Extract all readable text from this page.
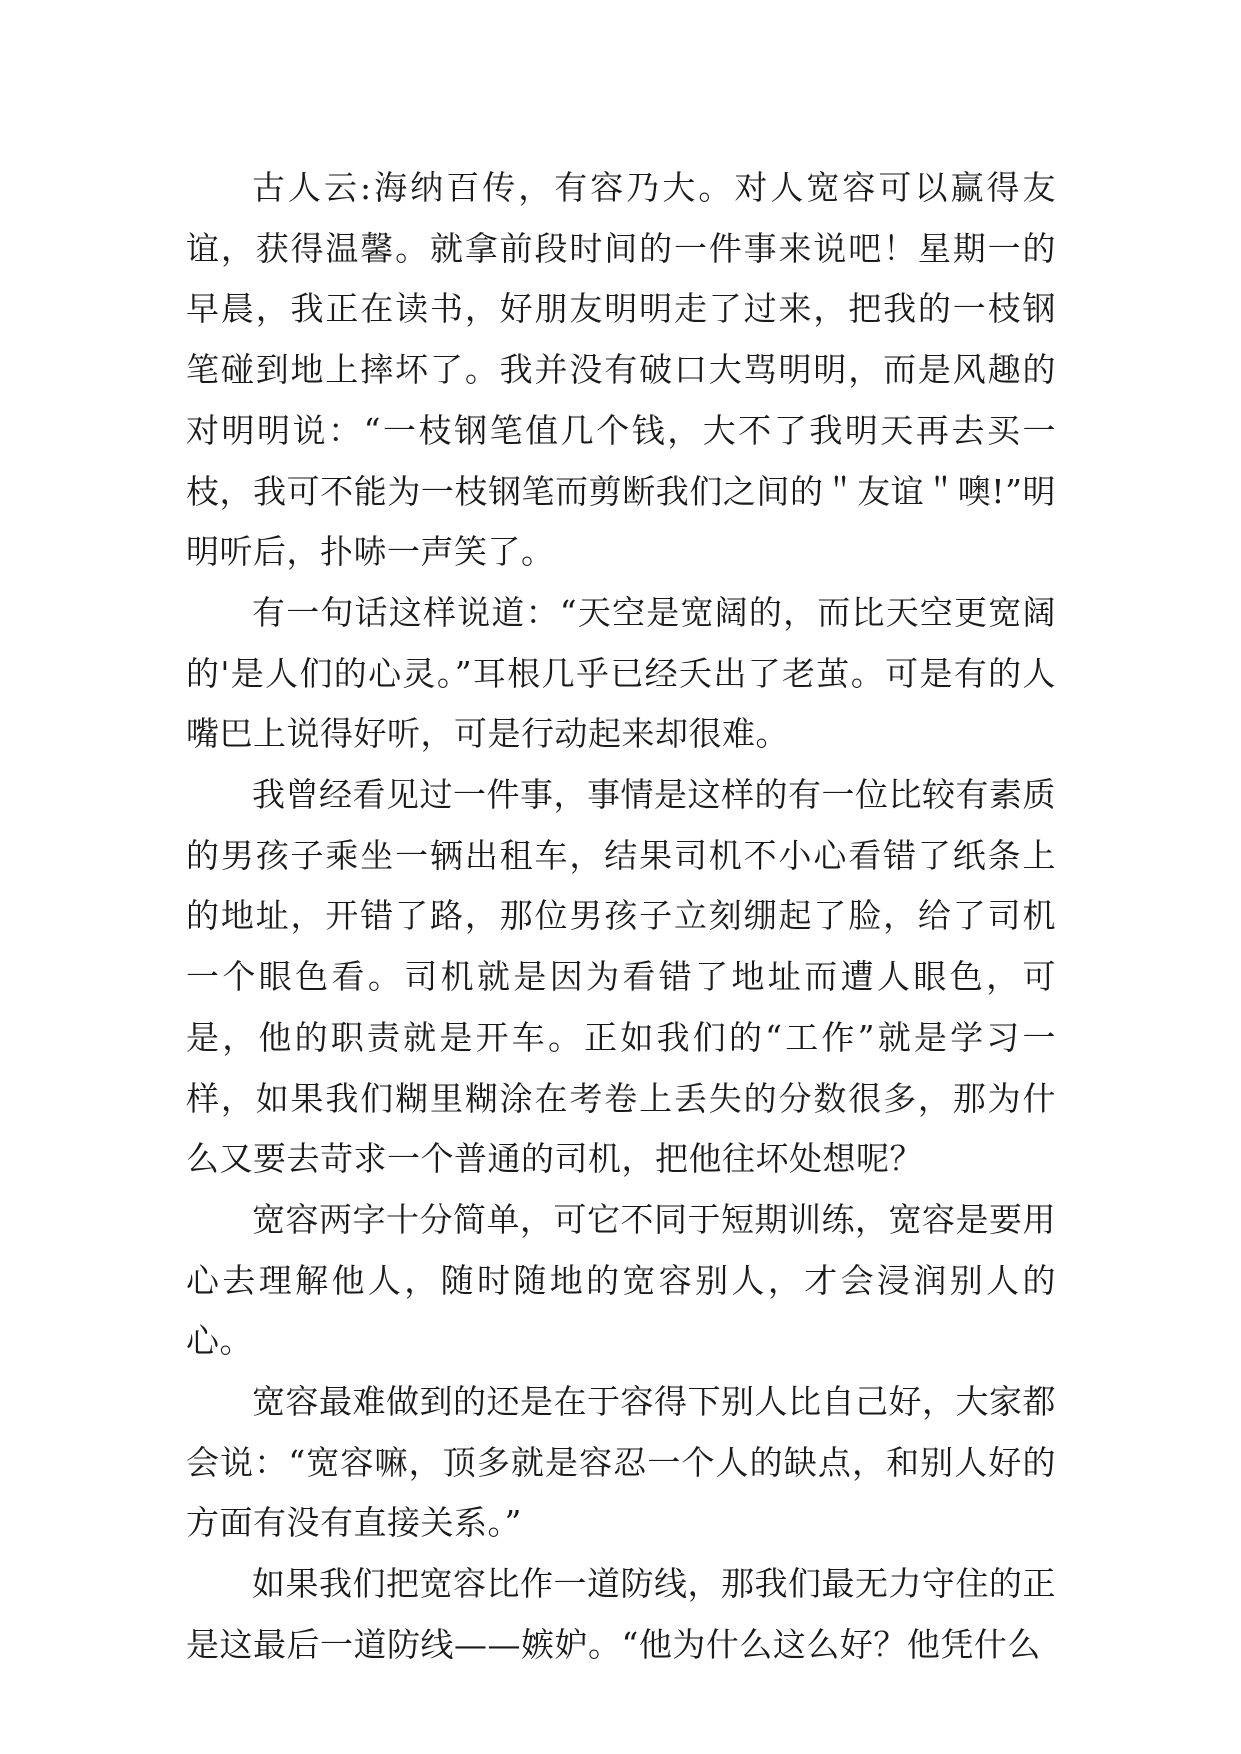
古人云:海纳百传，有容乃大。对人宽容可以赢得友谊，获得温馨。就拿前段时间的一件事来说吧！星期一的早晨，我正在读书，好朋友明明走了过来，把我的一枝钢笔碰到地上摔坏了。我并没有破口大骂明明，而是风趣的对明明说：“一枝钢笔值几个钱，大不了我明天再去买一枝，我可不能为一枝钢笔而剪断我们之间的＂友谊＂噢!”明明听后，扑哧一声笑了。

有一句话这样说道：“天空是宽阔的，而比天空更宽阔的'是人们的心灵。”耳根几乎已经夭出了老茧。可是有的人嘴巴上说得好听，可是行动起来却很难。

我曾经看见过一件事，事情是这样的有一位比较有素质的男孩子乘坐一辆出租车，结果司机不小心看错了纸条上的地址，开错了路，那位男孩子立刻绷起了脸，给了司机一个眼色看。司机就是因为看错了地址而遭人眼色，可是，他的职责就是开车。正如我们的“工作”就是学习一样，如果我们糊里糊涂在考卷上丢失的分数很多，那为什么又要去苛求一个普通的司机，把他往坏处想呢？

宽容两字十分简单，可它不同于短期训练，宽容是要用心去理解他人，随时随地的宽容别人，才会浸润别人的心。

宽容最难做到的还是在于容得下别人比自己好，大家都会说：“宽容嘛，顶多就是容忍一个人的缺点，和别人好的方面有没有直接关系。”

如果我们把宽容比作一道防线，那我们最无力守住的正是这最后一道防线——嫉妒。“他为什么这么好？他凭什么
